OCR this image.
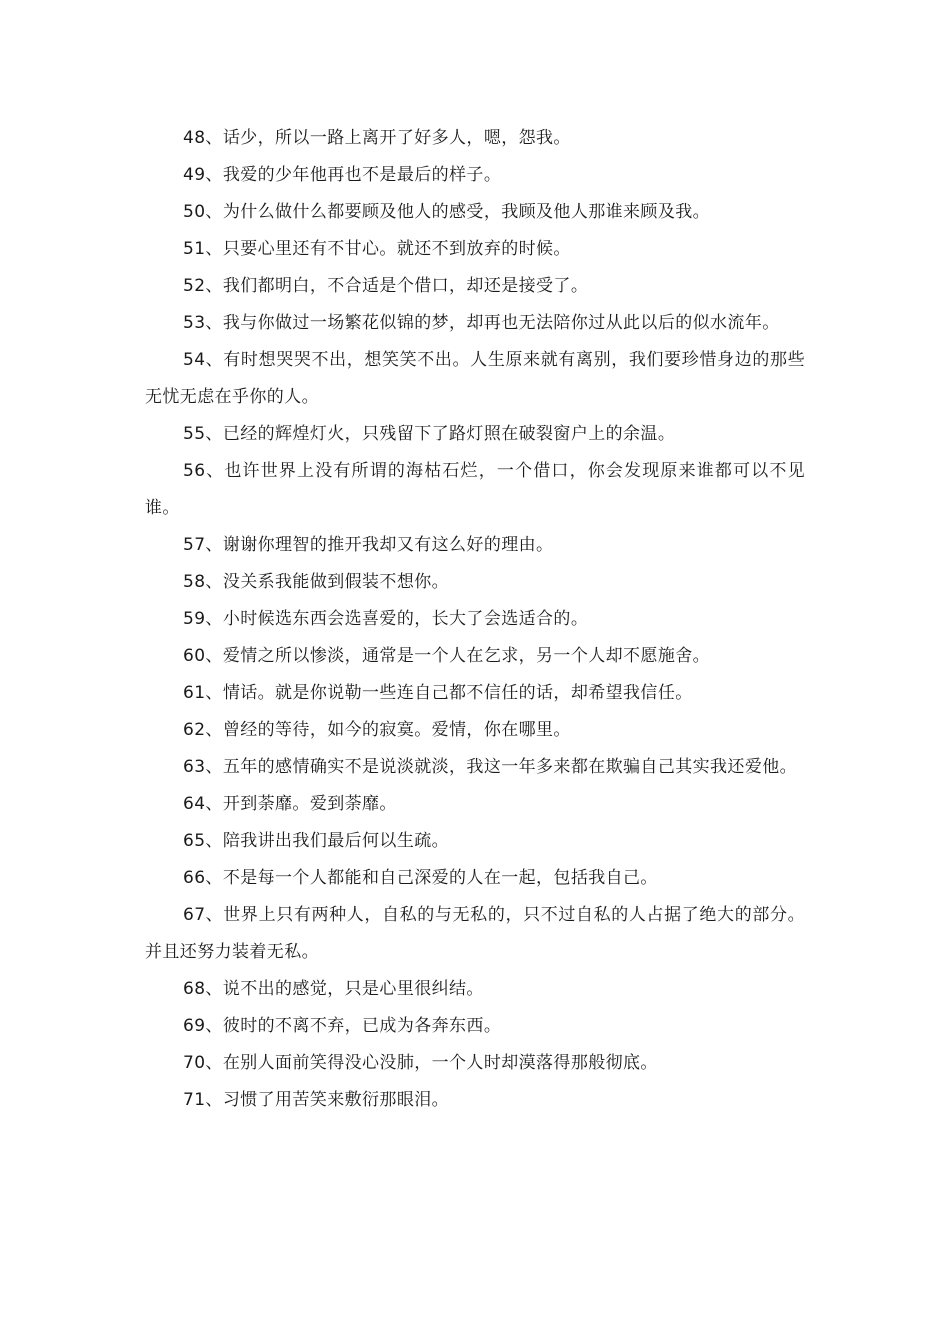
48、话少，所以一路上离开了好多人，嗯，怨我。

49、我爱的少年他再也不是最后的样子。

50、为什么做什么都要顾及他人的感受，我顾及他人那谁来顾及我。

51、只要心里还有不甘心。就还不到放弃的时候。

52、我们都明白，不合适是个借口，却还是接受了。

53、我与你做过一场繁花似锦的梦，却再也无法陪你过从此以后的似水流年。

54、有时想哭哭不出，想笑笑不出。人生原来就有离别，我们要珍惜身边的那些无忧无虑在乎你的人。

55、已经的辉煌灯火，只残留下了路灯照在破裂窗户上的余温。

56、也许世界上没有所谓的海枯石烂，一个借口，你会发现原来谁都可以不见谁。

57、谢谢你理智的推开我却又有这么好的理由。

58、没关系我能做到假装不想你。

59、小时候选东西会选喜爱的，长大了会选适合的。

60、爱情之所以惨淡，通常是一个人在乞求，另一个人却不愿施舍。

61、情话。就是你说勒一些连自己都不信任的话，却希望我信任。

62、曾经的等待，如今的寂寞。爱情，你在哪里。

63、五年的感情确实不是说淡就淡，我这一年多来都在欺骗自己其实我还爱他。

64、开到荼靡。爱到荼靡。

65、陪我讲出我们最后何以生疏。

66、不是每一个人都能和自己深爱的人在一起，包括我自己。

67、世界上只有两种人，自私的与无私的，只不过自私的人占据了绝大的部分。并且还努力装着无私。

68、说不出的感觉，只是心里很纠结。

69、彼时的不离不弃，已成为各奔东西。

70、在别人面前笑得没心没肺，一个人时却漠落得那般彻底。

71、习惯了用苦笑来敷衍那眼泪。
